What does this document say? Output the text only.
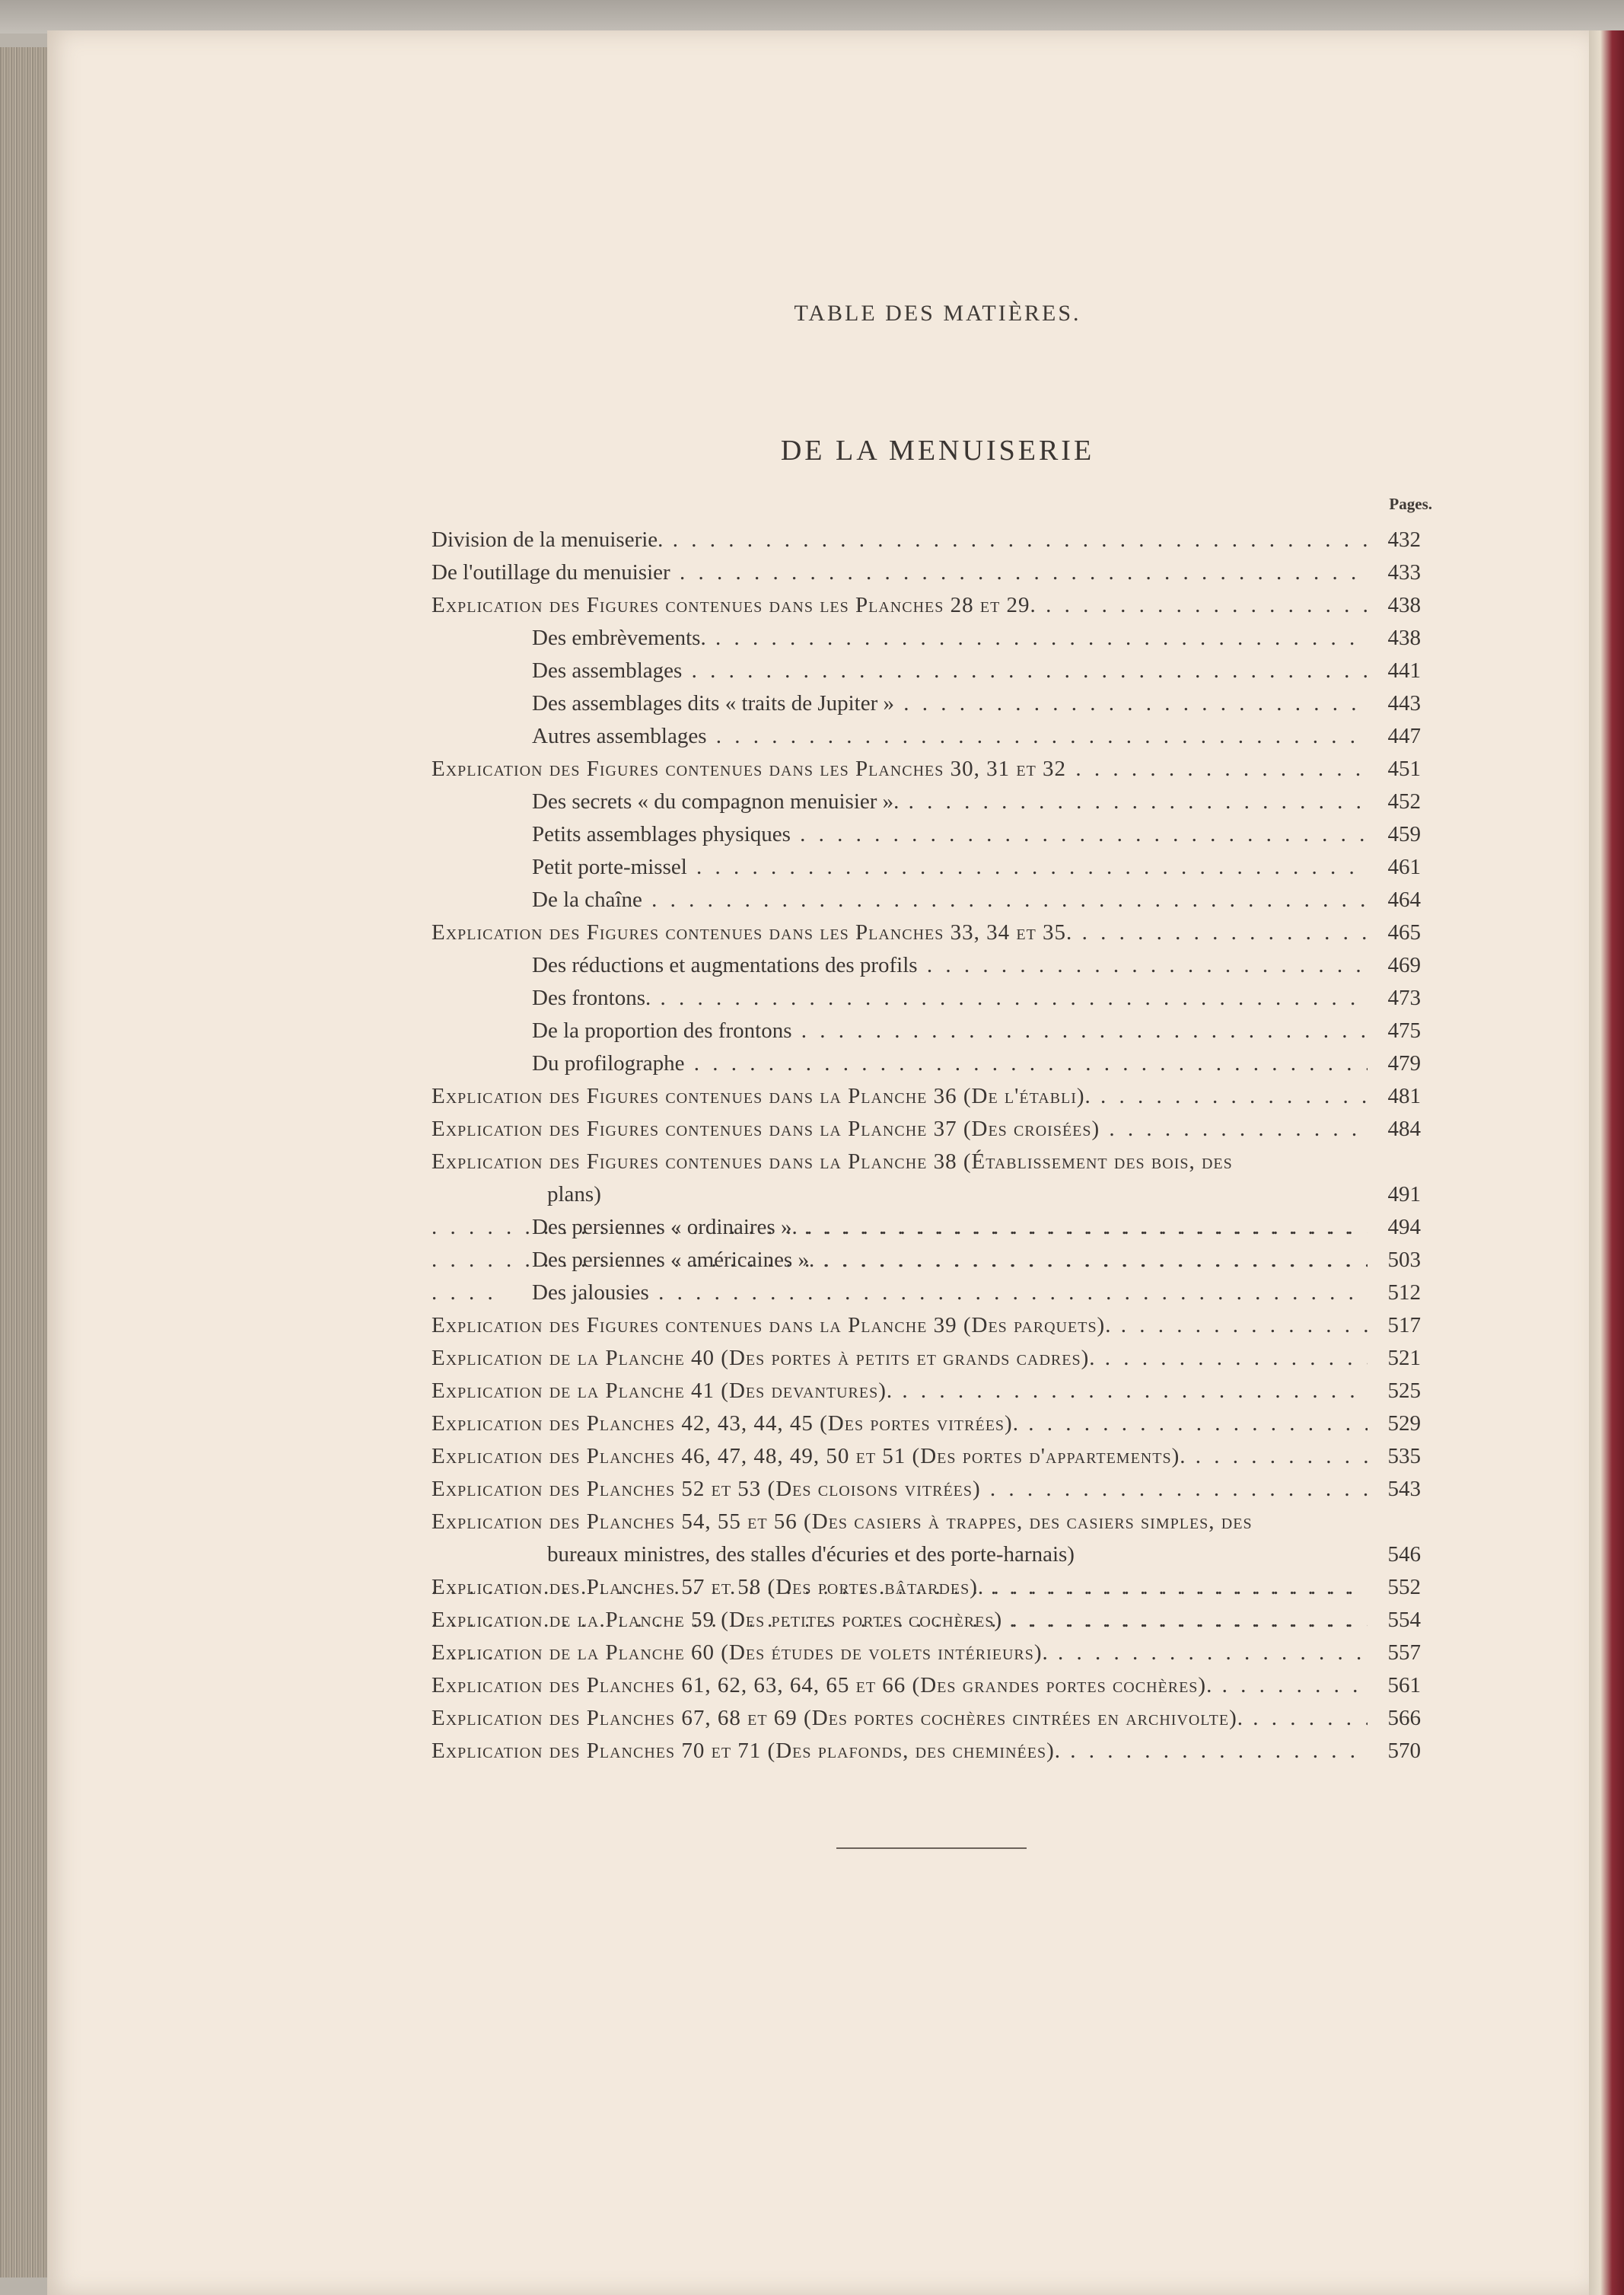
TABLE DES MATIÈRES.
DE LA MENUISERIE
Pages.
Division de la menuiserie. . . .	432
De l'outillage du menuisier . . .	433
Explication des Figures contenues dans les Planches 28 et 29. . . .	438
Des embrèvements. . . .	438
Des assemblages . . .	441
Des assemblages dits « traits de Jupiter » . . .	443
Autres assemblages . . .	447
Explication des Figures contenues dans les Planches 30, 31 et 32 . . .	451
Des secrets « du compagnon menuisier ». . . .	452
Petits assemblages physiques . . .	459
Petit porte-missel . . .	461
De la chaîne . . .	464
Explication des Figures contenues dans les Planches 33, 34 et 35. . . .	465
Des réductions et augmentations des profils . . .	469
Des frontons. . . .	473
De la proportion des frontons . . .	475
Du profilographe . . .	479
Explication des Figures contenues dans la Planche 36 (De l'établi). . . .	481
Explication des Figures contenues dans la Planche 37 (Des croisées) . . .	484
Explication des Figures contenues dans la Planche 38 (Établissement des bois, des
plans)
. . .	491
Des persiennes « ordinaires ». . . .	494
Des persiennes « américaines ». . . .	503
Des jalousies . . .	512
Explication des Figures contenues dans la Planche 39 (Des parquets). . . .	517
Explication de la Planche 40 (Des portes à petits et grands cadres). . . .	521
Explication de la Planche 41 (Des devantures). . . .	525
Explication des Planches 42, 43, 44, 45 (Des portes vitrées). . . .	529
Explication des Planches 46, 47, 48, 49, 50 et 51 (Des portes d'appartements). . . .	535
Explication des Planches 52 et 53 (Des cloisons vitrées) . . .	543
Explication des Planches 54, 55 et 56 (Des casiers à trappes, des casiers simples, des
bureaux ministres, des stalles d'écuries et des porte-harnais)
. . .	546
Explication des Planches 57 et 58 (Des portes bâtardes). . . .	552
Explication de la Planche 59 (Des petites portes cochères) . . .	554
Explication de la Planche 60 (Des études de volets intérieurs). . . .	557
Explication des Planches 61, 62, 63, 64, 65 et 66 (Des grandes portes cochères). . . .	561
Explication des Planches 67, 68 et 69 (Des portes cochères cintrées en archivolte). . . .	566
Explication des Planches 70 et 71 (Des plafonds, des cheminées). . . .	570
